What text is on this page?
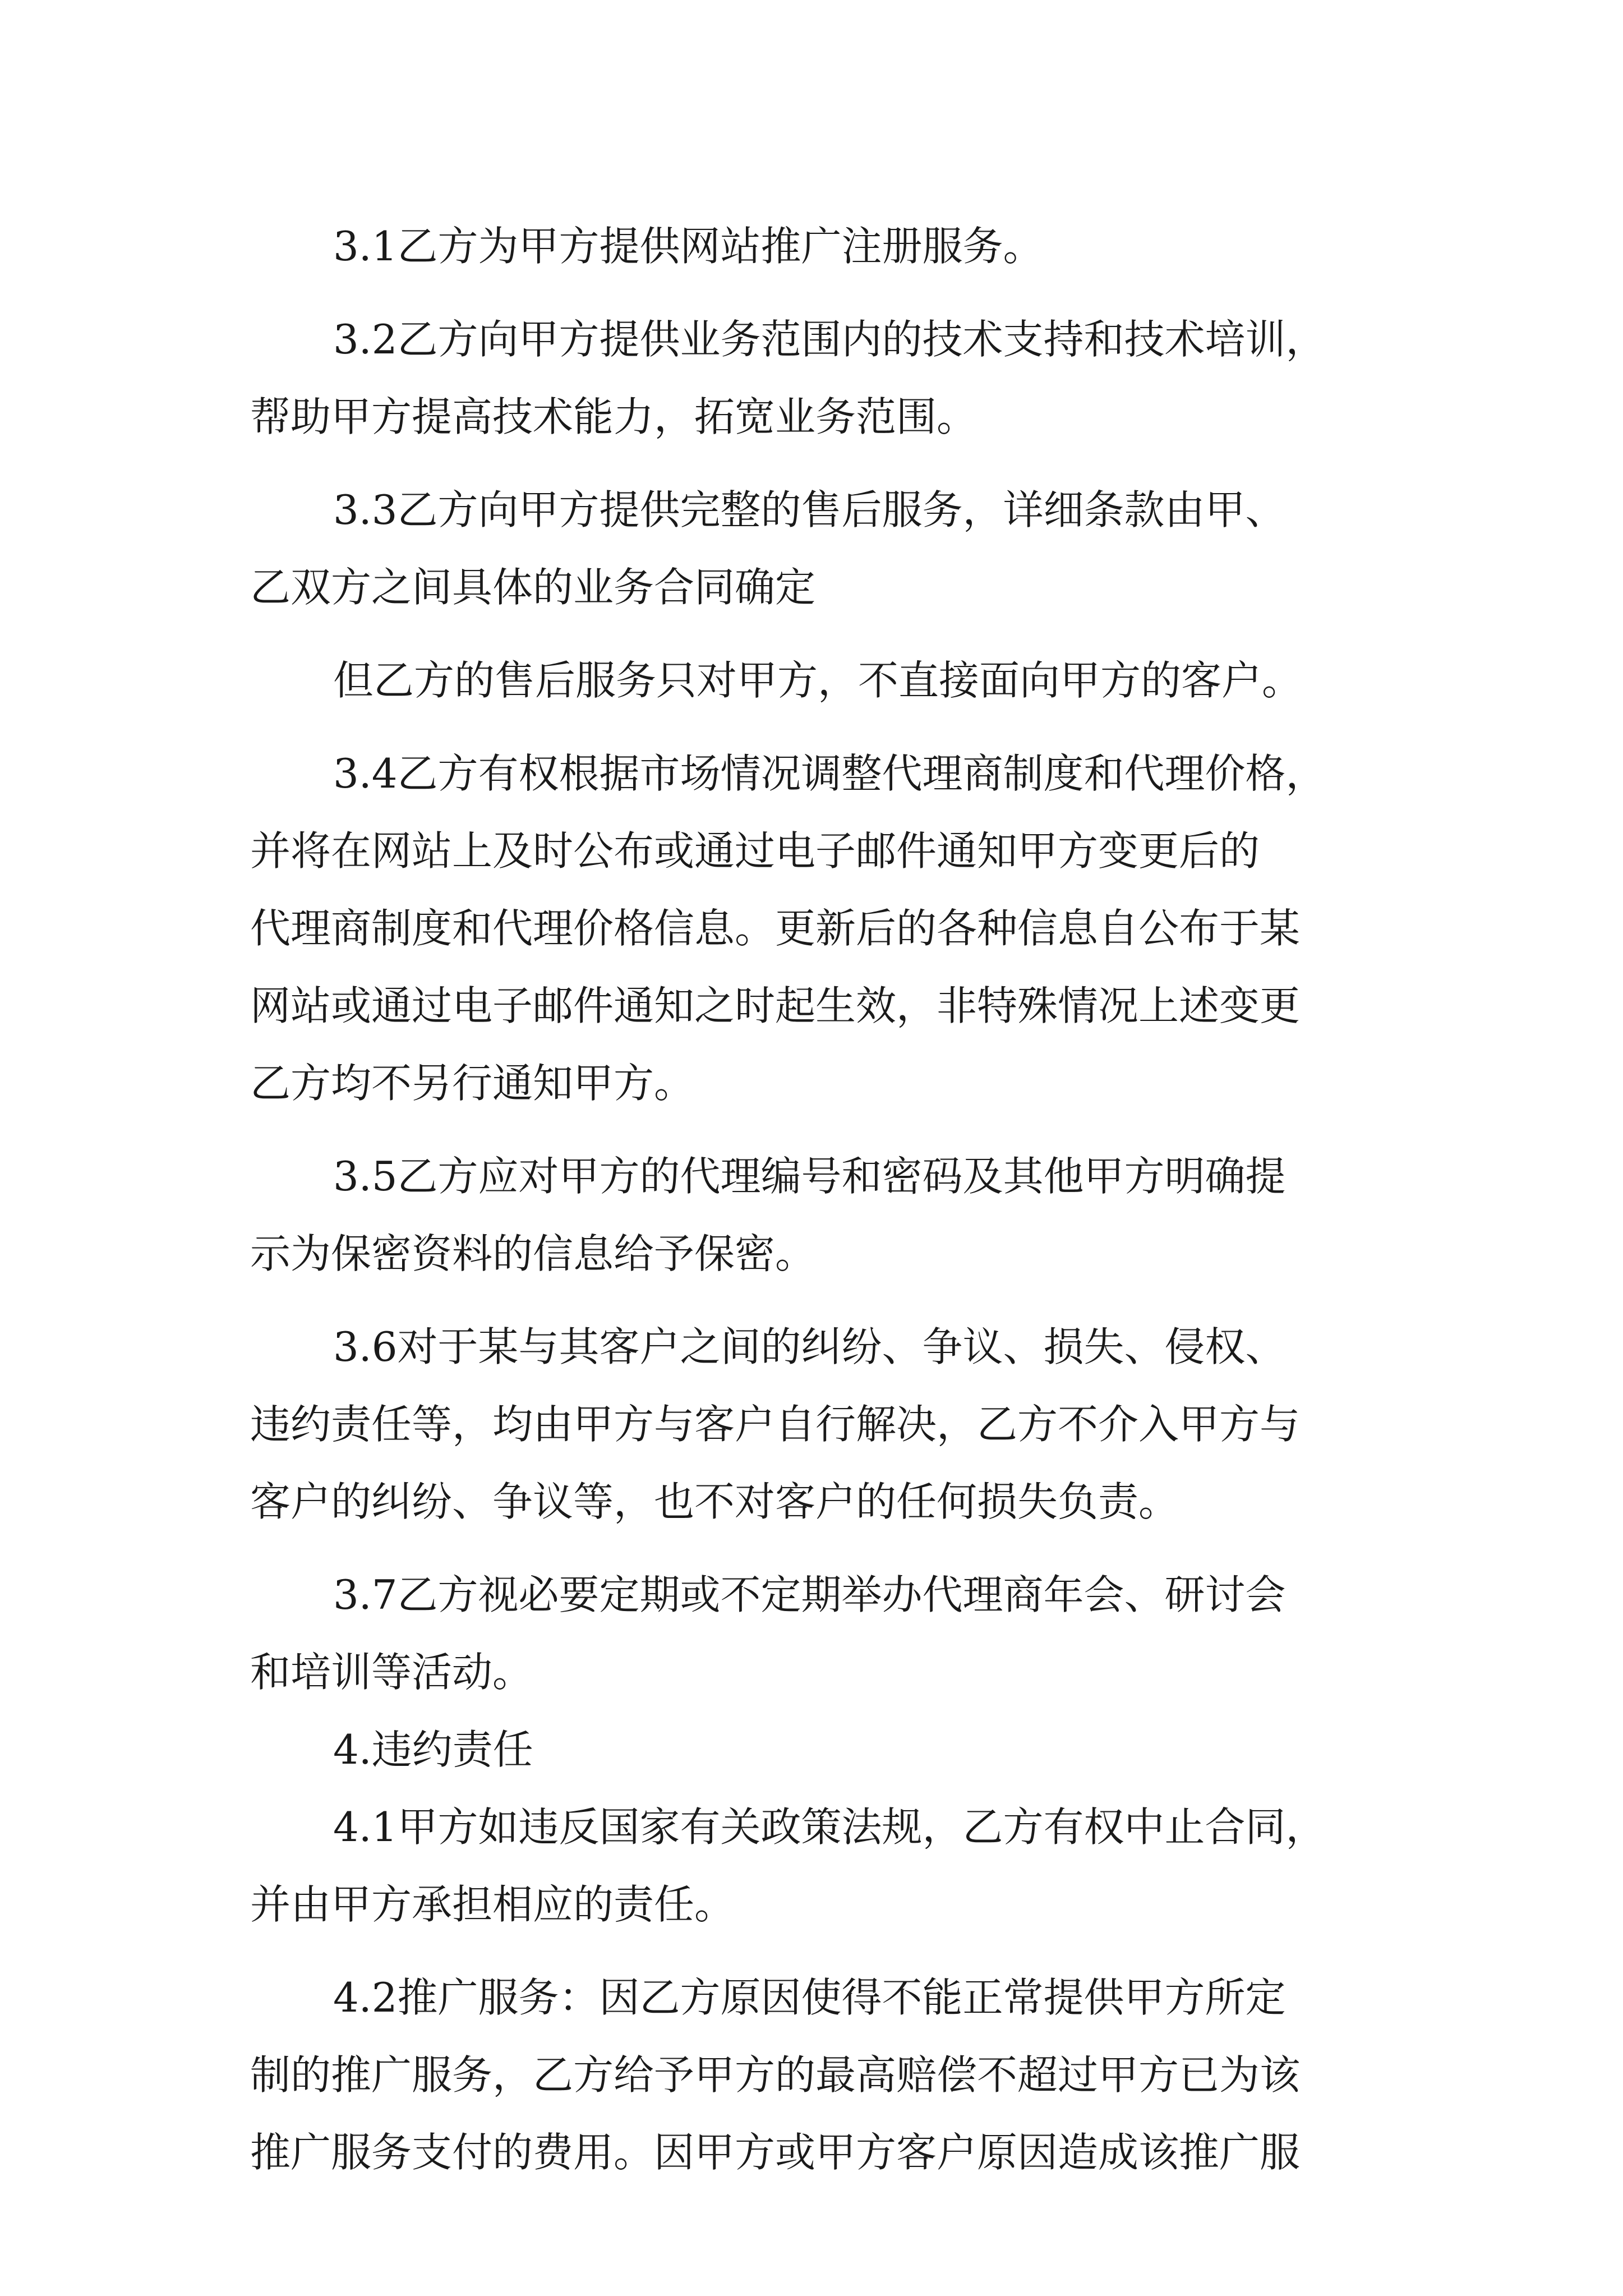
3.1乙方为甲方提供网站推广注册服务。
3.2乙方向甲方提供业务范围内的技术支持和技术培训，
帮助甲方提高技术能力，拓宽业务范围。
3.3乙方向甲方提供完整的售后服务，详细条款由甲、
乙双方之间具体的业务合同确定
但乙方的售后服务只对甲方，不直接面向甲方的客户。
3.4乙方有权根据市场情况调整代理商制度和代理价格，
并将在网站上及时公布或通过电子邮件通知甲方变更后的
代理商制度和代理价格信息。更新后的各种信息自公布于某
网站或通过电子邮件通知之时起生效，非特殊情况上述变更
乙方均不另行通知甲方。
3.5乙方应对甲方的代理编号和密码及其他甲方明确提
示为保密资料的信息给予保密。
3.6对于某与其客户之间的纠纷、争议、损失、侵权、
违约责任等，均由甲方与客户自行解决，乙方不介入甲方与
客户的纠纷、争议等，也不对客户的任何损失负责。
3.7乙方视必要定期或不定期举办代理商年会、研讨会
和培训等活动。
4.违约责任
4.1甲方如违反国家有关政策法规，乙方有权中止合同，
并由甲方承担相应的责任。
4.2推广服务：因乙方原因使得不能正常提供甲方所定
制的推广服务，乙方给予甲方的最高赔偿不超过甲方已为该
推广服务支付的费用。因甲方或甲方客户原因造成该推广服
